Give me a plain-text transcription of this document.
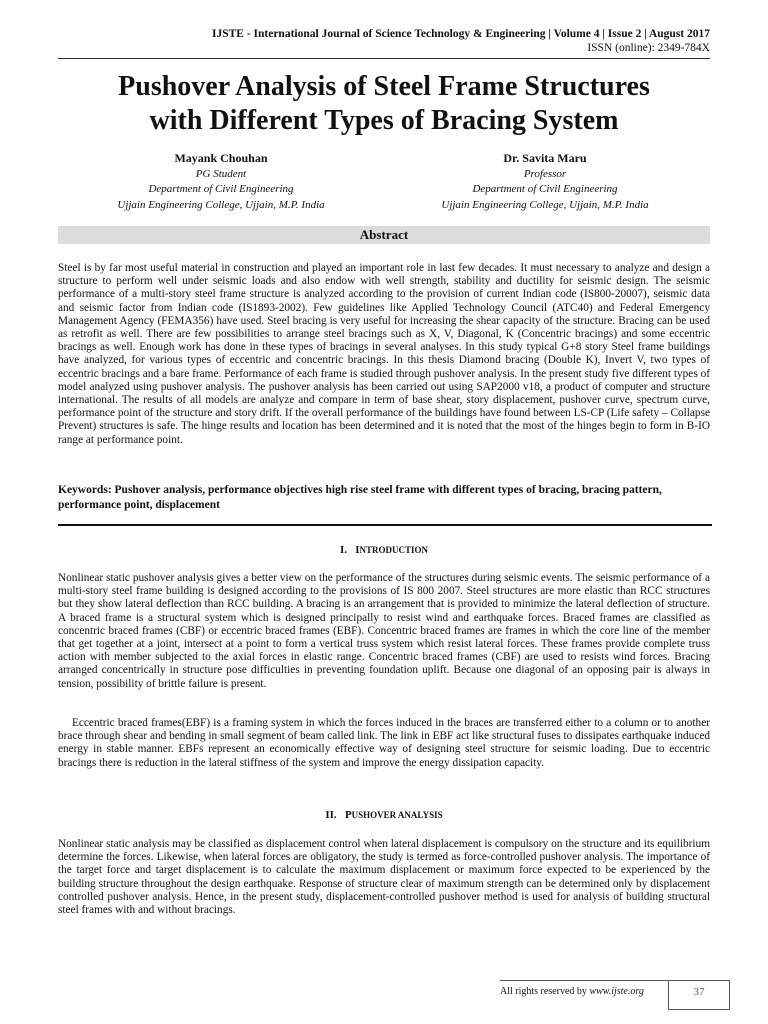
IJSTE - International Journal of Science Technology & Engineering | Volume 4 | Issue 2 | August 2017
ISSN (online): 2349-784X
Pushover Analysis of Steel Frame Structures
with Different Types of Bracing System
Mayank Chouhan
PG Student
Department of Civil Engineering
Ujjain Engineering College, Ujjain, M.P. India
Dr. Savita Maru
Professor
Department of Civil Engineering
Ujjain Engineering College, Ujjain, M.P. India
Abstract

Steel is by far most useful material in construction and played an important role in last few decades. It must necessary to analyze and design a structure to perform well under seismic loads and also endow with well strength, stability and ductility for seismic design. The seismic performance of a multi-story steel frame structure is analyzed according to the provision of current Indian code (IS800-20007), seismic data and seismic factor from Indian code (IS1893-2002). Few guidelines like Applied Technology Council (ATC40) and Federal Emergency Management Agency (FEMA356) have used. Steel bracing is very useful for increasing the shear capacity of the structure. Bracing can be used as retrofit as well. There are few possibilities to arrange steel bracings such as X, V, Diagonal, K (Concentric bracings) and some eccentric bracings as well. Enough work has done in these types of bracings in several analyses. In this study typical G+8 story Steel frame buildings have analyzed, for various types of eccentric and concentric bracings. In this thesis Diamond bracing (Double K), Invert V, two types of eccentric bracings and a bare frame. Performance of each frame is studied through pushover analysis. In the present study five different types of model analyzed using pushover analysis. The pushover analysis has been carried out using SAP2000 v18, a product of computer and structure international. The results of all models are analyze and compare in term of base shear, story displacement, pushover curve, spectrum curve, performance point of the structure and story drift. If the overall performance of the buildings have found between LS-CP (Life safety – Collapse Prevent) structures is safe. The hinge results and location has been determined and it is noted that the most of the hinges begin to form in B-IO range at performance point.

Keywords: Pushover analysis, performance objectives high rise steel frame with different types of bracing, bracing pattern, performance point, displacement

I. INTRODUCTION

Nonlinear static pushover analysis gives a better view on the performance of the structures during seismic events. The seismic performance of a multi-story steel frame building is designed according to the provisions of IS 800 2007. Steel structures are more elastic than RCC structures but they show lateral deflection than RCC building. A bracing is an arrangement that is provided to minimize the lateral deflection of structure. A braced frame is a structural system which is designed principally to resist wind and earthquake forces. Braced frames are classified as concentric braced frames (CBF) or eccentric braced frames (EBF). Concentric braced frames are frames in which the core line of the member that get together at a joint, intersect at a point to form a vertical truss system which resist lateral forces. These frames provide complete truss action with member subjected to the axial forces in elastic range. Concentric braced frames (CBF) are used to resists wind forces. Bracing arranged concentrically in structure pose difficulties in preventing foundation uplift. Because one diagonal of an opposing pair is always in tension, possibility of brittle failure is present.

Eccentric braced frames(EBF) is a framing system in which the forces induced in the braces are transferred either to a column or to another brace through shear and bending in small segment of beam called link. The link in EBF act like structural fuses to dissipates earthquake induced energy in stable manner. EBFs represent an economically effective way of designing steel structure for seismic loading. Due to eccentric bracings there is reduction in the lateral stiffness of the system and improve the energy dissipation capacity.

II. PUSHOVER ANALYSIS

Nonlinear static analysis may be classified as displacement control when lateral displacement is compulsory on the structure and its equilibrium determine the forces. Likewise, when lateral forces are obligatory, the study is termed as force-controlled pushover analysis. The importance of the target force and target displacement is to calculate the maximum displacement or maximum force expected to be experienced by the building structure throughout the design earthquake. Response of structure clear of maximum strength can be determined only by displacement controlled pushover analysis. Hence, in the present study, displacement-controlled pushover method is used for analysis of building structural steel frames with and without bracings.

All rights reserved by www.ijste.org	37
